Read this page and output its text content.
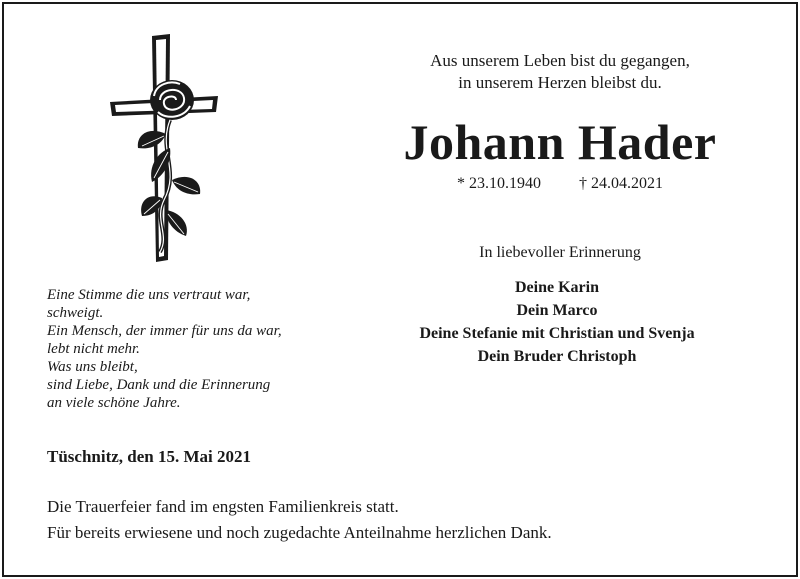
Aus unserem Leben bist du gegangen,
in unserem Herzen bleibst du.
Johann Hader
* 23.10.1940 † 24.04.2021
In liebevoller Erinnerung
Deine Karin
Dein Marco
Deine Stefanie mit Christian und Svenja
Dein Bruder Christoph
Eine Stimme die uns vertraut war,
schweigt.
Ein Mensch, der immer für uns da war,
lebt nicht mehr.
Was uns bleibt,
sind Liebe, Dank und die Erinnerung
an viele schöne Jahre.
Tüschnitz, den 15. Mai 2021
Die Trauerfeier fand im engsten Familienkreis statt.
Für bereits erwiesene und noch zugedachte Anteilnahme herzlichen Dank.
